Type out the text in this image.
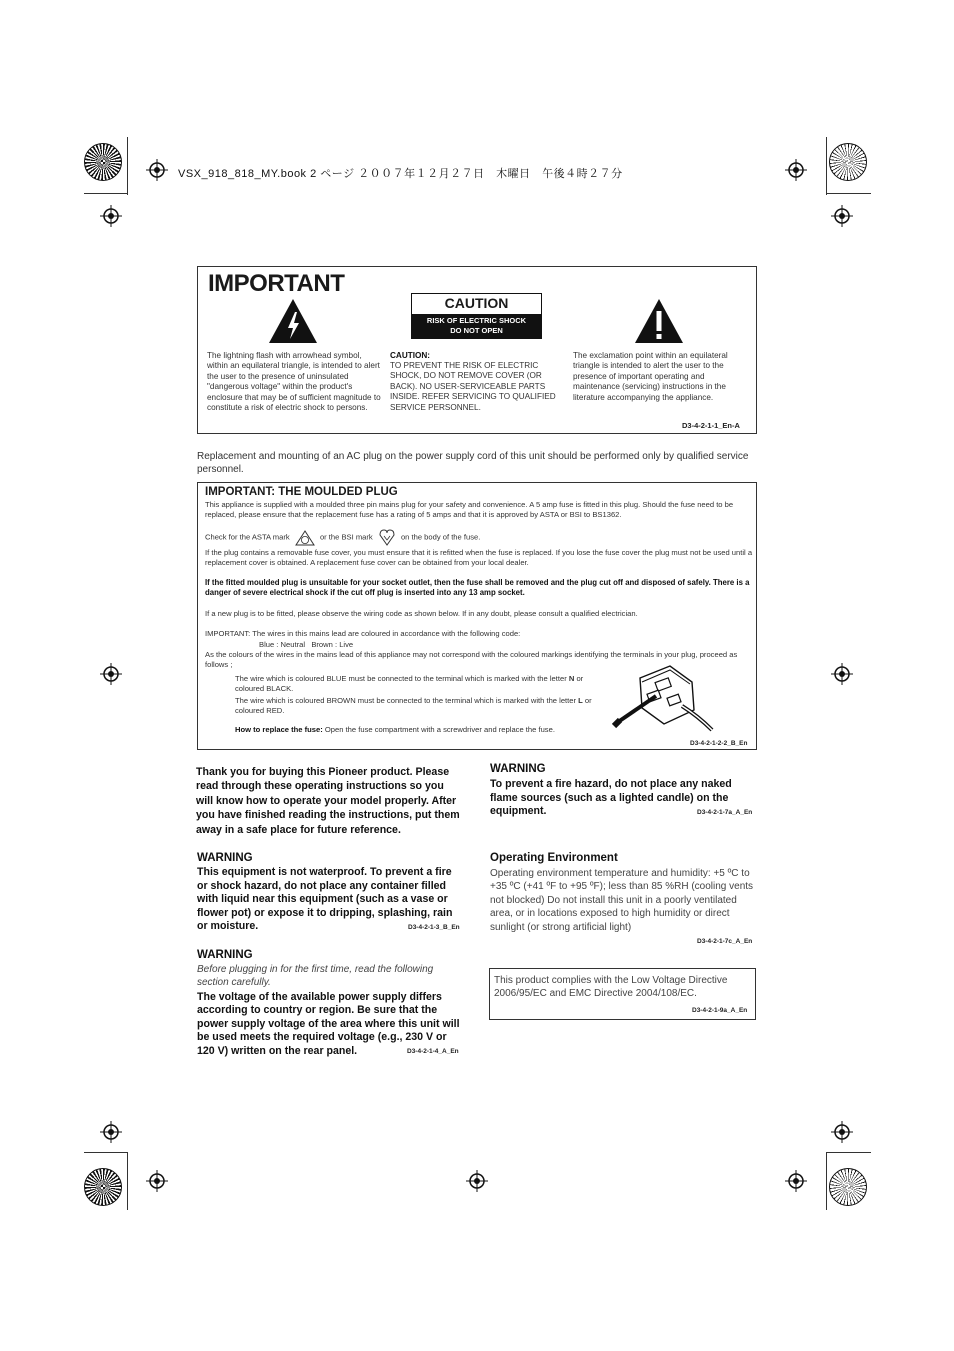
VSX_918_818_MY.book 2 ページ ２００７年１２月２７日　木曜日　午後４時２７分
IMPORTANT
CAUTION
RISK OF ELECTRIC SHOCK
DO NOT OPEN
The lightning flash with arrowhead symbol, within an equilateral triangle, is intended to alert the user to the presence of uninsulated "dangerous voltage" within the product's enclosure that may be of sufficient magnitude to constitute a risk of electric shock to persons.
CAUTION:
TO PREVENT THE RISK OF ELECTRIC SHOCK, DO NOT REMOVE COVER (OR BACK). NO USER-SERVICEABLE PARTS INSIDE. REFER SERVICING TO QUALIFIED SERVICE PERSONNEL.
The exclamation point within an equilateral triangle is intended to alert the user to the presence of important operating and maintenance (servicing) instructions in the literature accompanying the appliance.
D3-4-2-1-1_En-A
Replacement and mounting of an AC plug on the power supply cord of this unit should be performed only by qualified service personnel.
IMPORTANT: THE MOULDED PLUG
This appliance is supplied with a moulded three pin mains plug for your safety and convenience. A 5 amp fuse is fitted in this plug. Should the fuse need to be replaced, please ensure that the replacement fuse has a rating of 5 amps and that it is approved by ASTA or BSI to BS1362.
Check for the ASTA mark	or the BSI mark	on the body of the fuse.
If the plug contains a removable fuse cover, you must ensure that it is refitted when the fuse is replaced. If you lose the fuse cover the plug must not be used until a replacement cover is obtained. A replacement fuse cover can be obtained from your local dealer.
If the fitted moulded plug is unsuitable for your socket outlet, then the fuse shall be removed and the plug cut off and disposed of safely. There is a danger of severe electrical shock if the cut off plug is inserted into any 13 amp socket.
If a new plug is to be fitted, please observe the wiring code as shown below. If in any doubt, please consult a qualified electrician.
IMPORTANT: The wires in this mains lead are coloured in accordance with the following code:
Blue : Neutral   Brown : Live
As the colours of the wires in the mains lead of this appliance may not correspond with the coloured markings identifying the terminals in your plug, proceed as follows ;
The wire which is coloured BLUE must be connected to the terminal which is marked with the letter N or coloured BLACK.
The wire which is coloured BROWN must be connected to the terminal which is marked with the letter L or coloured RED.
How to replace the fuse: Open the fuse compartment with a screwdriver and replace the fuse.
D3-4-2-1-2-2_B_En
Thank you for buying this Pioneer product. Please read through these operating instructions so you will know how to operate your model properly. After you have finished reading the instructions, put them away in a safe place for future reference.
WARNING
This equipment is not waterproof. To prevent a fire or shock hazard, do not place any container filled with liquid near this equipment (such as a vase or flower pot) or expose it to dripping, splashing, rain or moisture.	D3-4-2-1-3_B_En
WARNING
Before plugging in for the first time, read the following section carefully.
The voltage of the available power supply differs according to country or region. Be sure that the power supply voltage of the area where this unit will be used meets the required voltage (e.g., 230 V or 120 V) written on the rear panel.	D3-4-2-1-4_A_En
WARNING
To prevent a fire hazard, do not place any naked flame sources (such as a lighted candle) on the equipment.	D3-4-2-1-7a_A_En
Operating Environment
Operating environment temperature and humidity: +5 ºC to +35 ºC (+41 ºF to +95 ºF); less than 85 %RH (cooling vents not blocked) Do not install this unit in a poorly ventilated area, or in locations exposed to high humidity or direct sunlight (or strong artificial light)
D3-4-2-1-7c_A_En
This product complies with the Low Voltage Directive 2006/95/EC and EMC Directive 2004/108/EC.
D3-4-2-1-9a_A_En
